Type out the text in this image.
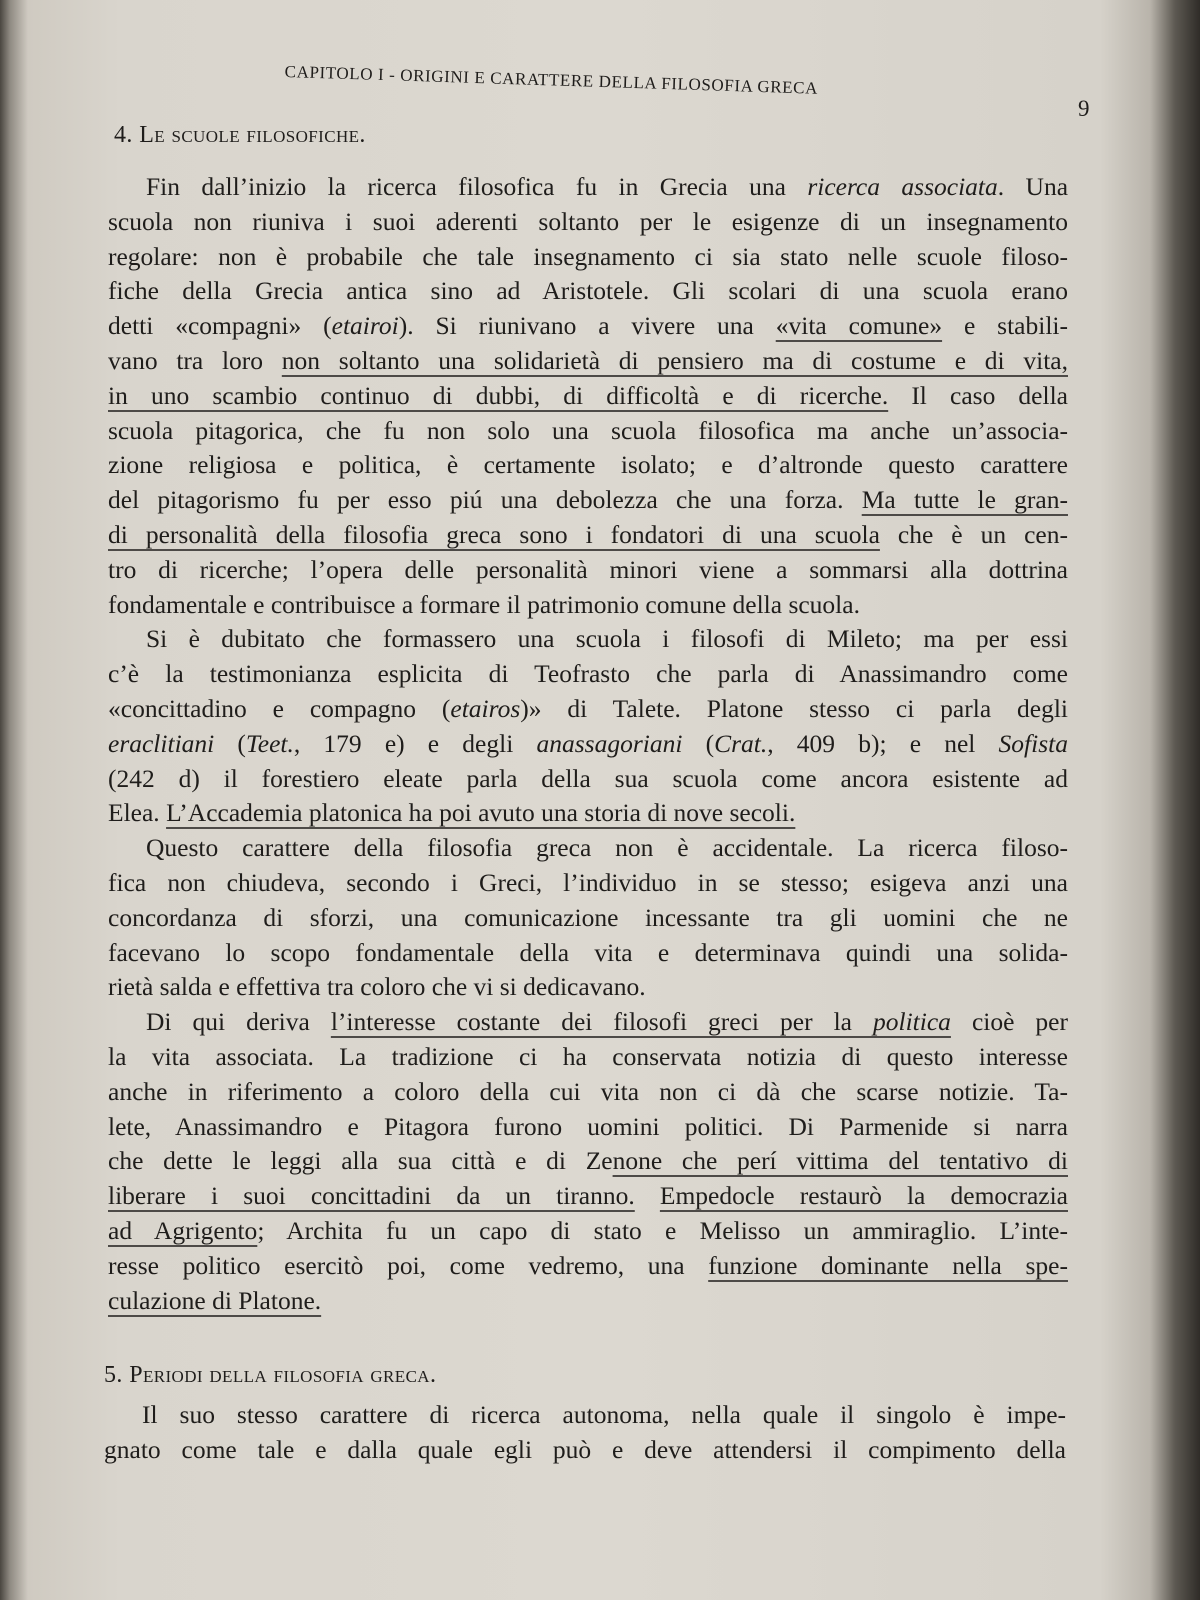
CAPITOLO I - ORIGINI E CARATTERE DELLA FILOSOFIA GRECA
9
4. Le scuole filosofiche.
Fin dall’inizio la ricerca filosofica fu in Grecia una ricerca associata. Una
scuola non riuniva i suoi aderenti soltanto per le esigenze di un insegnamento
regolare: non è probabile che tale insegnamento ci sia stato nelle scuole filoso-
fiche della Grecia antica sino ad Aristotele. Gli scolari di una scuola erano
detti «compagni» (etairoi). Si riunivano a vivere una «vita comune» e stabili-
vano tra loro non soltanto una solidarietà di pensiero ma di costume e di vita,
in uno scambio continuo di dubbi, di difficoltà e di ricerche. Il caso della
scuola pitagorica, che fu non solo una scuola filosofica ma anche un’associa-
zione religiosa e politica, è certamente isolato; e d’altronde questo carattere
del pitagorismo fu per esso piú una debolezza che una forza. Ma tutte le gran-
di personalità della filosofia greca sono i fondatori di una scuola che è un cen-
tro di ricerche; l’opera delle personalità minori viene a sommarsi alla dottrina
fondamentale e contribuisce a formare il patrimonio comune della scuola.
Si è dubitato che formassero una scuola i filosofi di Mileto; ma per essi
c’è la testimonianza esplicita di Teofrasto che parla di Anassimandro come
«concittadino e compagno (etairos)» di Talete. Platone stesso ci parla degli
eraclitiani (Teet., 179 e) e degli anassagoriani (Crat., 409 b); e nel Sofista
(242 d) il forestiero eleate parla della sua scuola come ancora esistente ad
Elea. L’Accademia platonica ha poi avuto una storia di nove secoli.
Questo carattere della filosofia greca non è accidentale. La ricerca filoso-
fica non chiudeva, secondo i Greci, l’individuo in se stesso; esigeva anzi una
concordanza di sforzi, una comunicazione incessante tra gli uomini che ne
facevano lo scopo fondamentale della vita e determinava quindi una solida-
rietà salda e effettiva tra coloro che vi si dedicavano.
Di qui deriva l’interesse costante dei filosofi greci per la politica cioè per
la vita associata. La tradizione ci ha conservata notizia di questo interesse
anche in riferimento a coloro della cui vita non ci dà che scarse notizie. Ta-
lete, Anassimandro e Pitagora furono uomini politici. Di Parmenide si narra
che dette le leggi alla sua città e di Zenone che perí vittima del tentativo di
liberare i suoi concittadini da un tiranno. Empedocle restaurò la democrazia
ad Agrigento; Archita fu un capo di stato e Melisso un ammiraglio. L’inte-
resse politico esercitò poi, come vedremo, una funzione dominante nella spe-
culazione di Platone.
5. Periodi della filosofia greca.
Il suo stesso carattere di ricerca autonoma, nella quale il singolo è impe-
gnato come tale e dalla quale egli può e deve attendersi il compimento della
